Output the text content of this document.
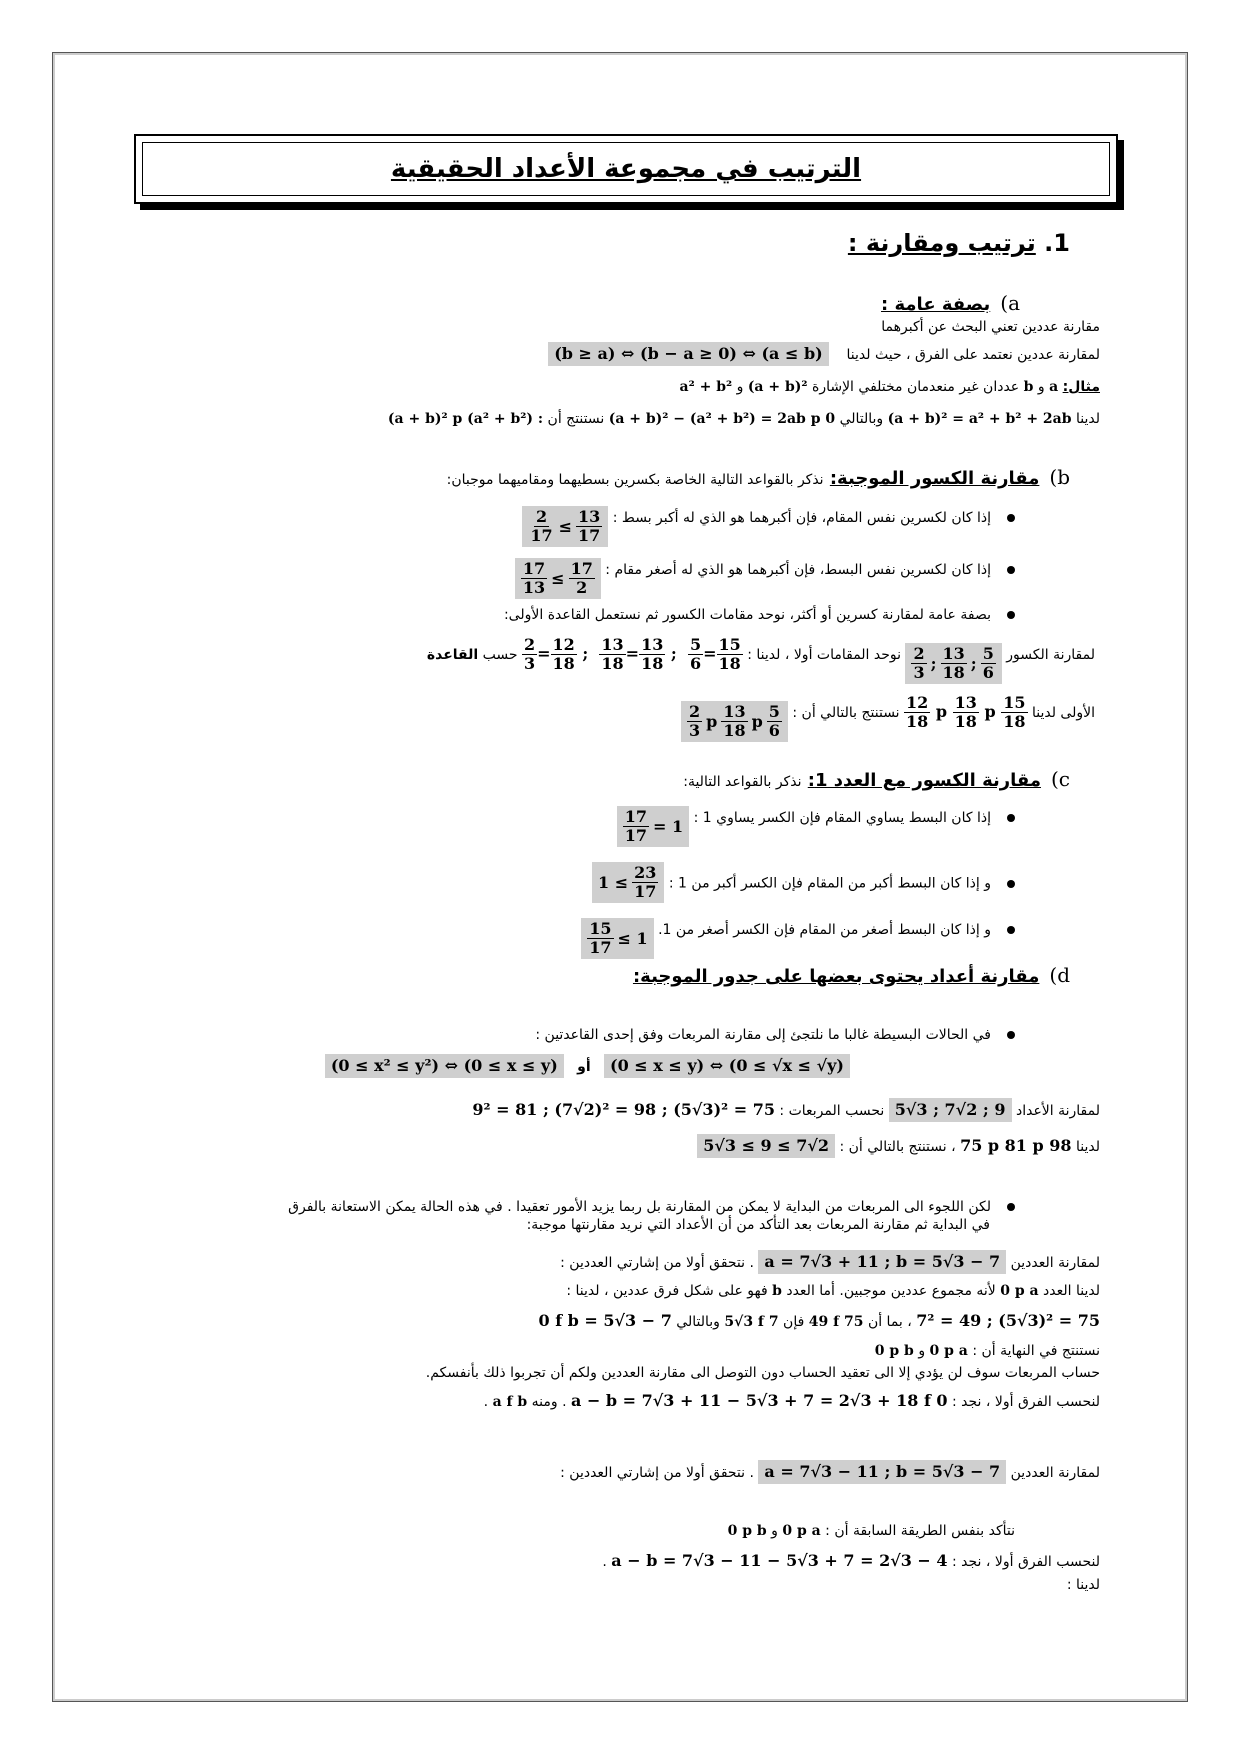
الترتيب في مجموعة الأعداد الحقيقية
1. ترتيب ومقارنة :
a)بصفة عامة :
مقارنة عددين تعني البحث عن أكبرهما
لمقارنة عددين نعتمد على الفرق ، حيث لدينا    (b ≥ a) ⇔ (b − a ≥ 0) ⇔ (a ≤ b)
مثال: a و b عددان غير منعدمان مختلفي الإشارة (a + b)² و a² + b²
لدينا (a + b)² = a² + b² + 2ab وبالتالي (a + b)² − (a² + b²) = 2ab p 0 نستنتج أن (a + b)² p (a² + b²) :
b)مقارنة الكسور الموجبة: نذكر بالقواعد التالية الخاصة بكسرين بسطيهما ومقاميهما موجبان:
إذا كان لكسرين نفس المقام، فإن أكبرهما هو الذي له أكبر بسط :
$\frac{2}{17} \le \frac{13}{17}$
إذا كان لكسرين نفس البسط، فإن أكبرهما هو الذي له أصغر مقام :
$\frac{17}{13} \le \frac{17}{2}$
بصفة عامة لمقارنة كسرين أو أكثر، نوحد مقامات الكسور ثم نستعمل القاعدة الأولى:
لمقارنة الكسور
$\frac{2}{3}$ ; $\frac{13}{18}$ ; $\frac{5}{6}$
نوحد المقامات أولا ، لدينا :
$\frac{2}{3} = \frac{12}{18}$ ; $\frac{13}{18} = \frac{13}{18}$ ; $\frac{5}{6} = \frac{15}{18}$
حسب القاعدة
الأولى لدينا
$\frac{12}{18}$ p $\frac{13}{18}$ p $\frac{15}{18}$
نستنتج بالتالي أن :
$\frac{2}{3}$ p $\frac{13}{18}$ p $\frac{5}{6}$
c)مقارنة الكسور مع العدد 1: نذكر بالقواعد التالية:
إذا كان البسط يساوي المقام فإن الكسر يساوي 1 :
$\frac{17}{17} = 1$
و إذا كان البسط أكبر من المقام فإن الكسر أكبر من 1 :
$1 \le \frac{23}{17}$
و إذا كان البسط أصغر من المقام فإن الكسر أصغر من 1.
$\frac{15}{17} \le 1$
d)مقارنة أعداد يحتوى بعضها على جدور الموجبة:
في الحالات البسيطة غالبا ما نلتجئ إلى مقارنة المربعات وفق إحدى القاعدتين :
(0 ≤ x ≤ y) ⇔ (0 ≤ √x ≤ √y)   أو   (0 ≤ x² ≤ y²) ⇔ (0 ≤ x ≤ y)
لمقارنة الأعداد 5√3 ; 7√2 ; 9 نحسب المربعات : 9² = 81 ; (7√2)² = 98 ; (5√3)² = 75
لدينا 75 p 81 p 98 ، نستنتج بالتالي أن : 5√3 ≤ 9 ≤ 7√2
لكن اللجوء الى المربعات من البداية لا يمكن من المقارنة بل ربما يزيد الأمور تعقيدا . في هذه الحالة يمكن الاستعانة بالفرق
في البداية ثم مقارنة المربعات بعد التأكد من أن الأعداد التي نريد مقارنتها موجبة:
لمقارنة العددين a = 7√3 + 11 ; b = 5√3 − 7 . نتحقق أولا من إشارتي العددين :
لدينا العدد 0 p a لأنه مجموع عددين موجبين. أما العدد b فهو على شكل فرق عددين ، لدينا :
7² = 49 ; (5√3)² = 75 ، بما أن 49 f 75 فإن 5√3 f 7 وبالتالي 0 f b = 5√3 − 7
نستنتج في النهاية أن : 0 p a و 0 p b
حساب المربعات سوف لن يؤدي إلا الى تعقيد الحساب دون التوصل الى مقارنة العددين ولكم أن تجربوا ذلك بأنفسكم.
لنحسب الفرق أولا ، نجد : a − b = 7√3 + 11 − 5√3 + 7 = 2√3 + 18 f 0 . ومنه a f b .
لمقارنة العددين a = 7√3 − 11 ; b = 5√3 − 7 . نتحقق أولا من إشارتي العددين :
نتأكد بنفس الطريقة السابقة أن : 0 p a و 0 p b
لنحسب الفرق أولا ، نجد : a − b = 7√3 − 11 − 5√3 + 7 = 2√3 − 4 .
لدينا :
